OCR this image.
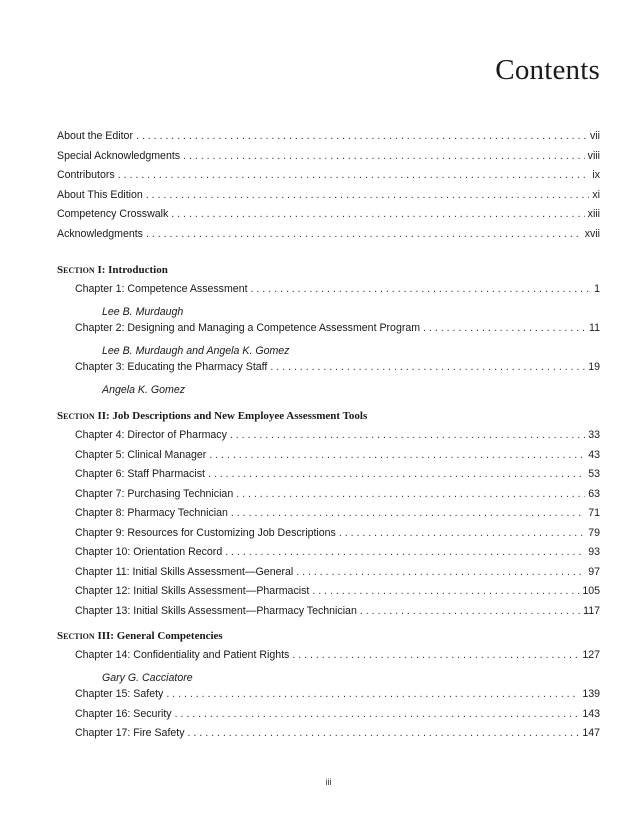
Contents
About the Editor . . .	vii
Special Acknowledgments . . .	viii
Contributors . . .	ix
About This Edition . . .	xi
Competency Crosswalk . . .	xiii
Acknowledgments . . .	xvii
Section I: Introduction
Chapter 1: Competence Assessment . . .	1
Lee B. Murdaugh
Chapter 2: Designing and Managing a Competence Assessment Program . . .	11
Lee B. Murdaugh and Angela K. Gomez
Chapter 3: Educating the Pharmacy Staff . . .	19
Angela K. Gomez
Section II: Job Descriptions and New Employee Assessment Tools
Chapter 4: Director of Pharmacy . . .	33
Chapter 5: Clinical Manager . . .	43
Chapter 6: Staff Pharmacist . . .	53
Chapter 7: Purchasing Technician . . .	63
Chapter 8: Pharmacy Technician . . .	71
Chapter 9: Resources for Customizing Job Descriptions . . .	79
Chapter 10: Orientation Record . . .	93
Chapter 11: Initial Skills Assessment—General . . .	97
Chapter 12: Initial Skills Assessment—Pharmacist . . .	105
Chapter 13: Initial Skills Assessment—Pharmacy Technician . . .	117
Section III: General Competencies
Chapter 14: Confidentiality and Patient Rights . . .	127
Gary G. Cacciatore
Chapter 15: Safety . . .	139
Chapter 16: Security . . .	143
Chapter 17: Fire Safety . . .	147
iii
